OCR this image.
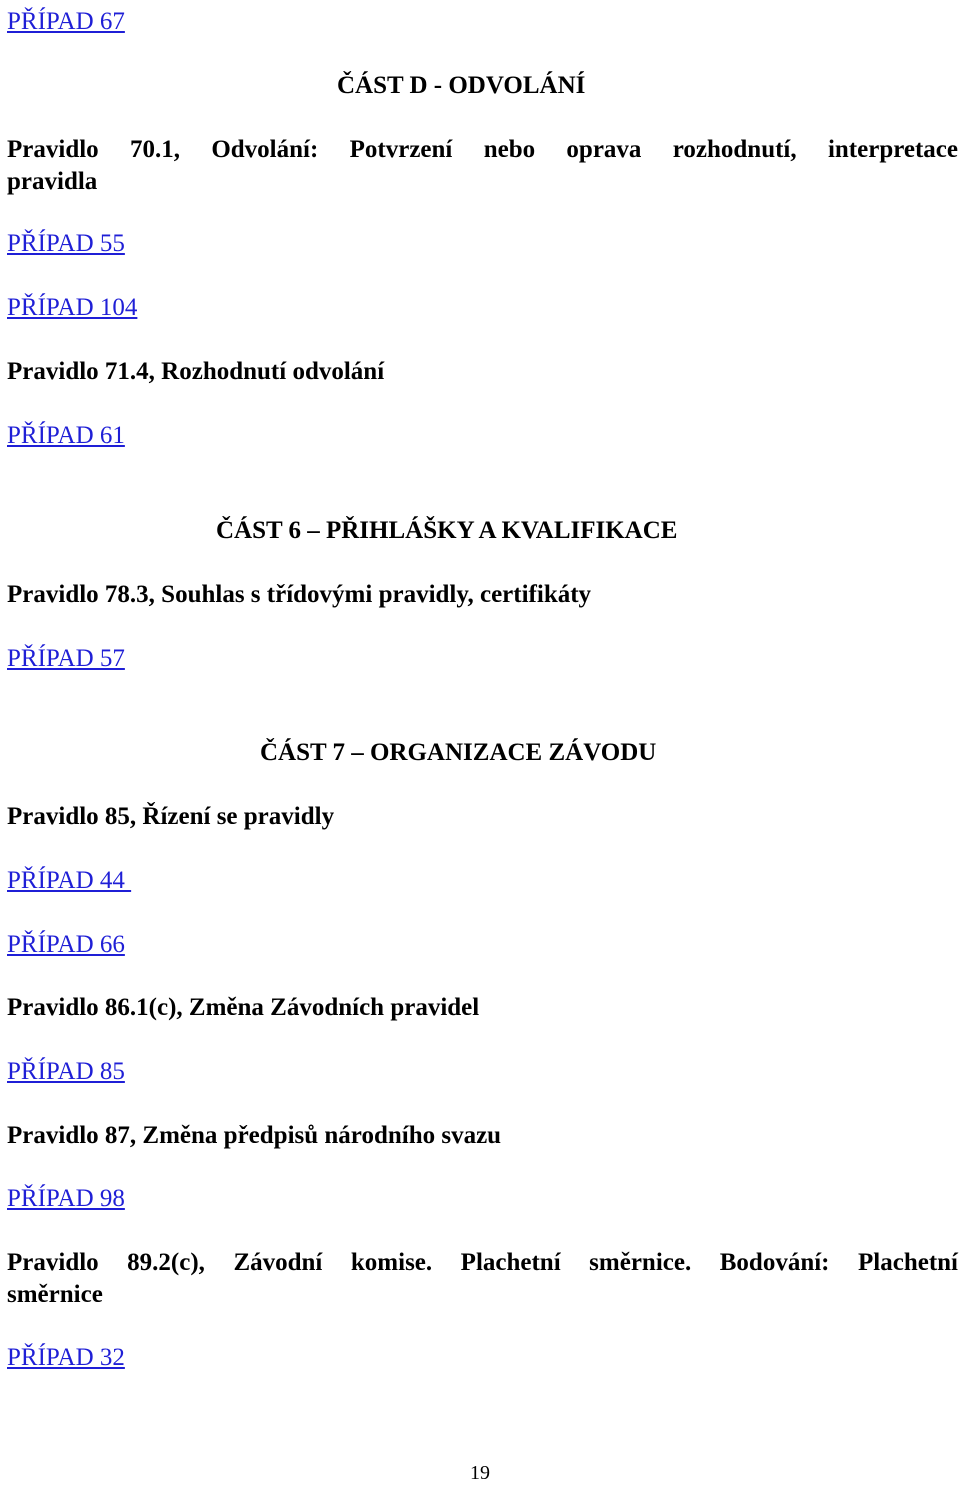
PŘÍPAD 67
ČÁST D - ODVOLÁNÍ
Pravidlo 70.1, Odvolání: Potvrzení nebo oprava rozhodnutí, interpretace
pravidla
PŘÍPAD 55
PŘÍPAD 104
Pravidlo 71.4, Rozhodnutí odvolání
PŘÍPAD 61
ČÁST 6 – PŘIHLÁŠKY A KVALIFIKACE
Pravidlo 78.3, Souhlas s třídovými pravidly, certifikáty
PŘÍPAD 57
ČÁST 7 – ORGANIZACE ZÁVODU
Pravidlo 85, Řízení se pravidly
PŘÍPAD 44
PŘÍPAD 66
Pravidlo 86.1(c), Změna Závodních pravidel
PŘÍPAD 85
Pravidlo 87, Změna předpisů národního svazu
PŘÍPAD 98
Pravidlo 89.2(c), Závodní komise. Plachetní směrnice. Bodování: Plachetní
směrnice
PŘÍPAD 32
19
